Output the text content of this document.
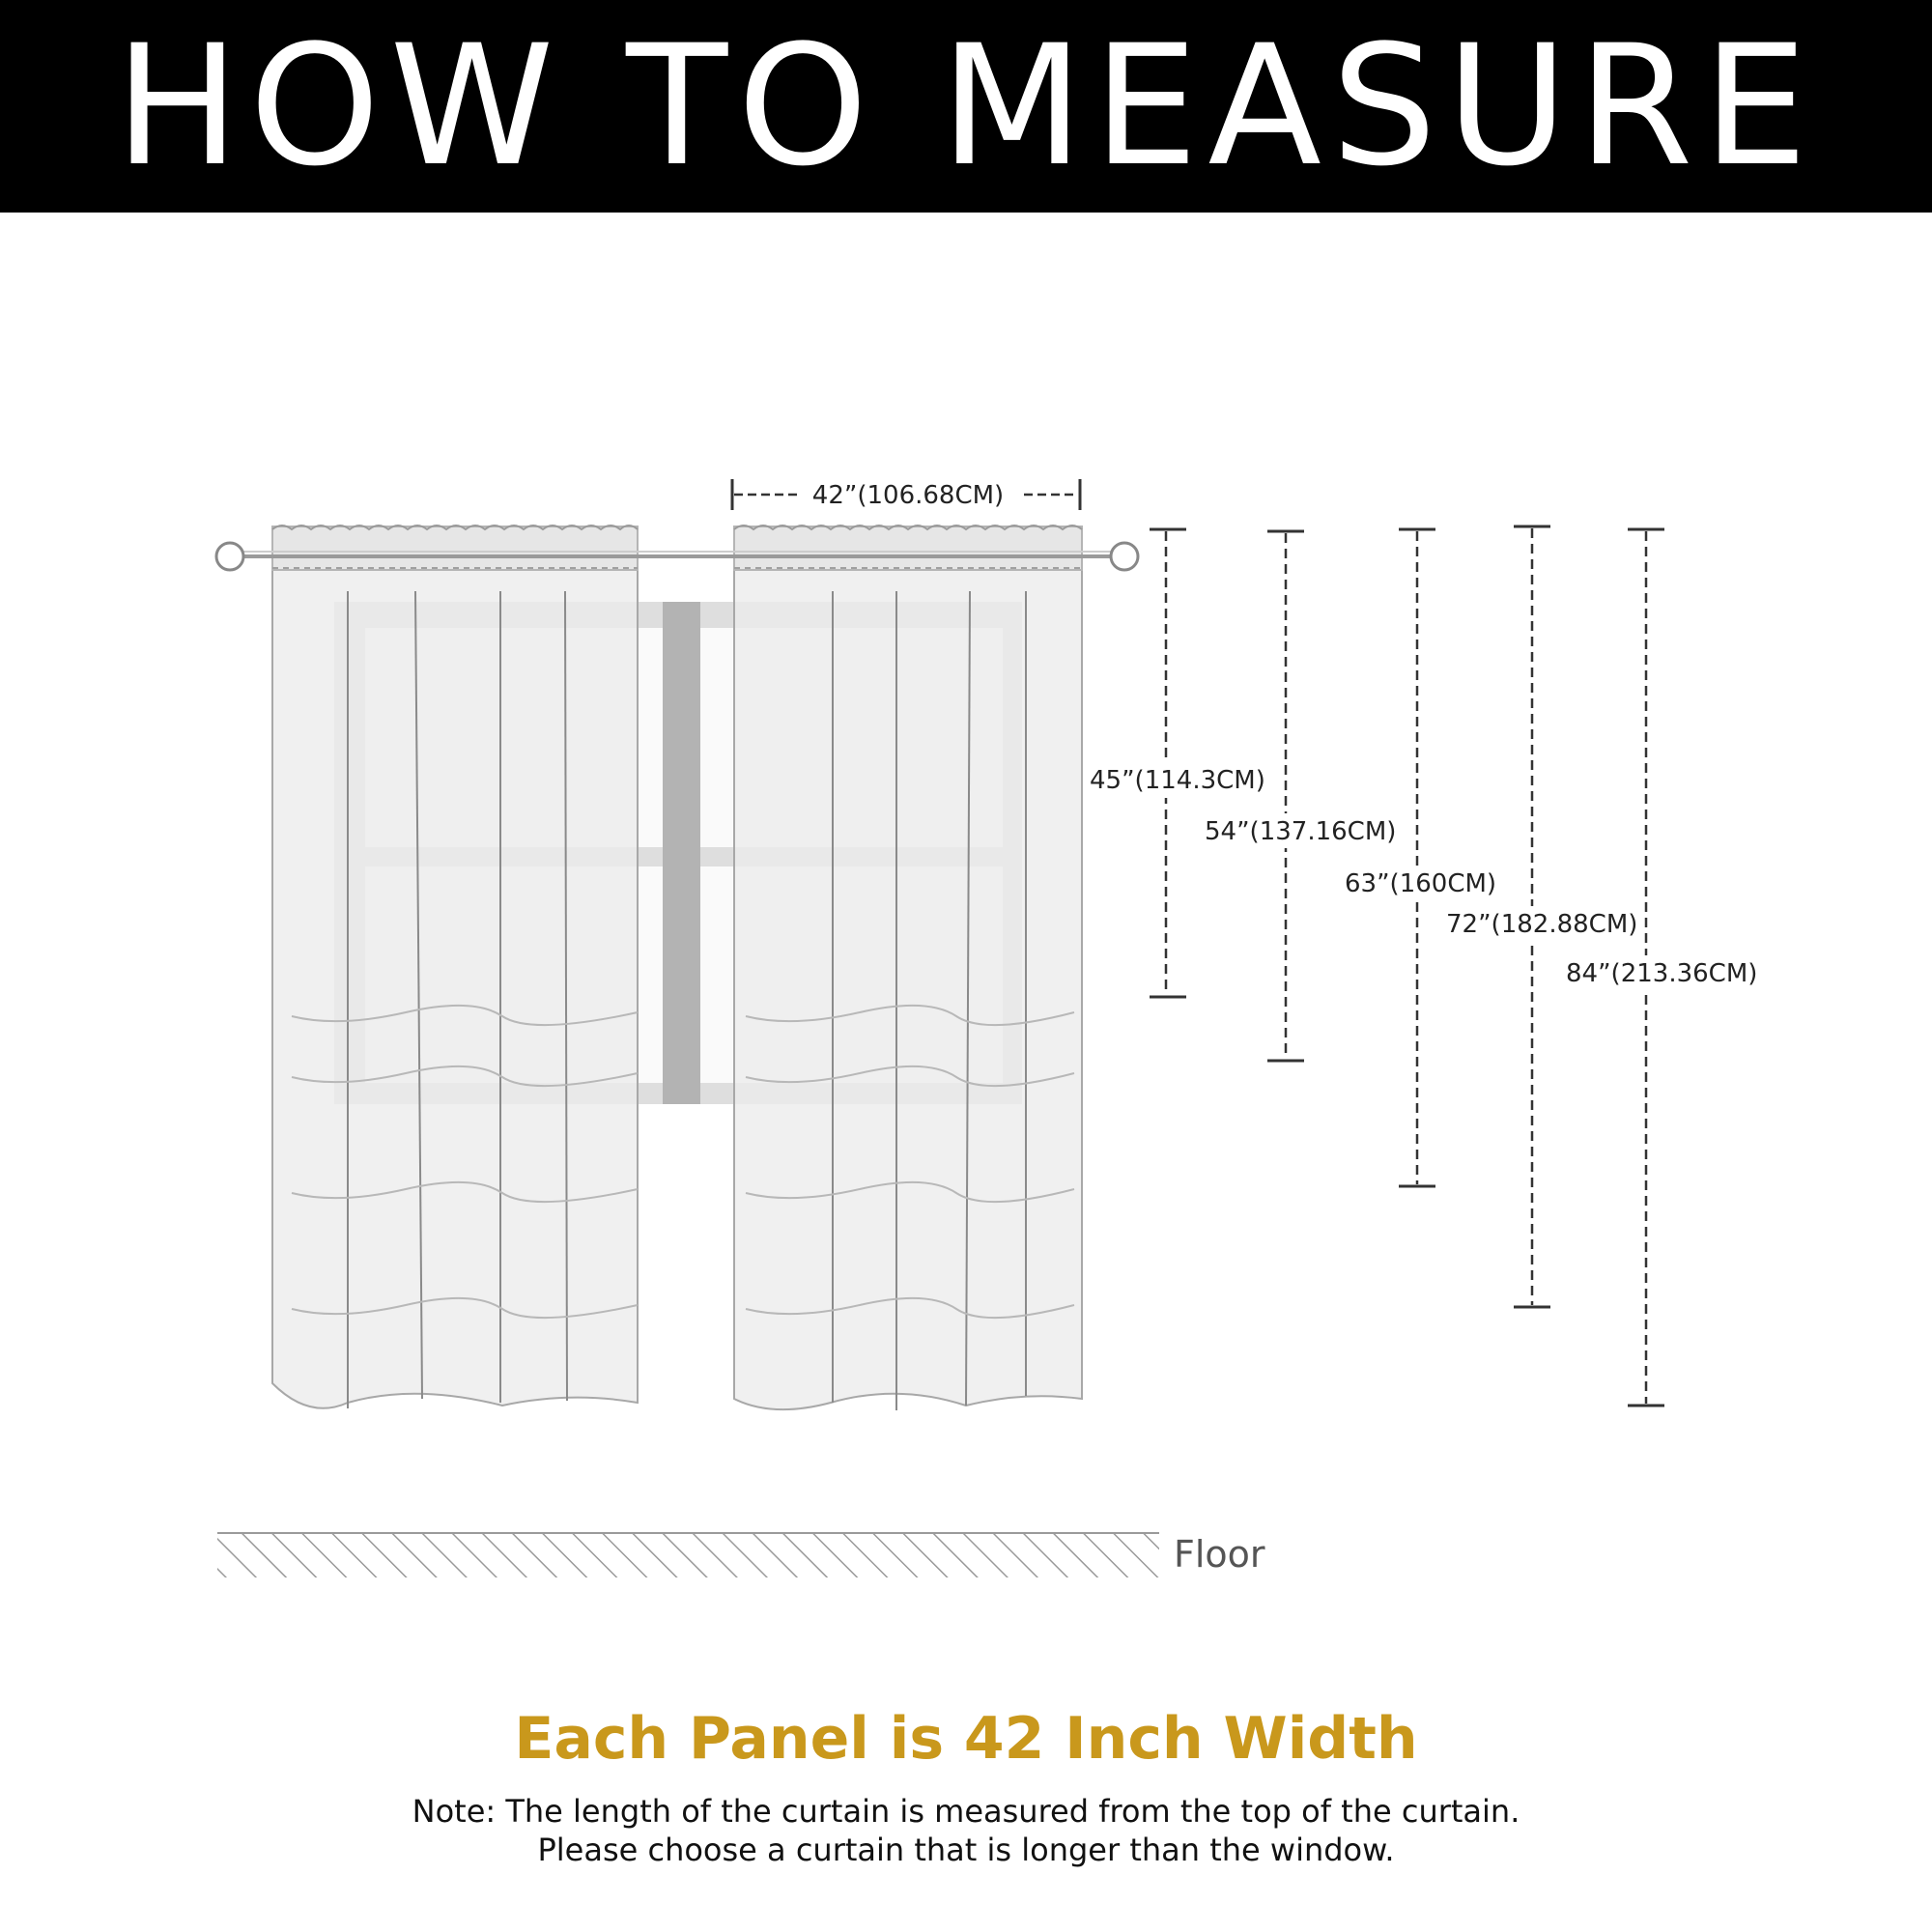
HOW TO MEASURE
42”(106.68CM)
45”(114.3CM)
54”(137.16CM)
63”(160CM)
72”(182.88CM)
84”(213.36CM)
Floor
Each Panel is 42 Inch Width
Note: The length of the curtain is measured from the top of the curtain.
Please choose a curtain that is longer than the window.
